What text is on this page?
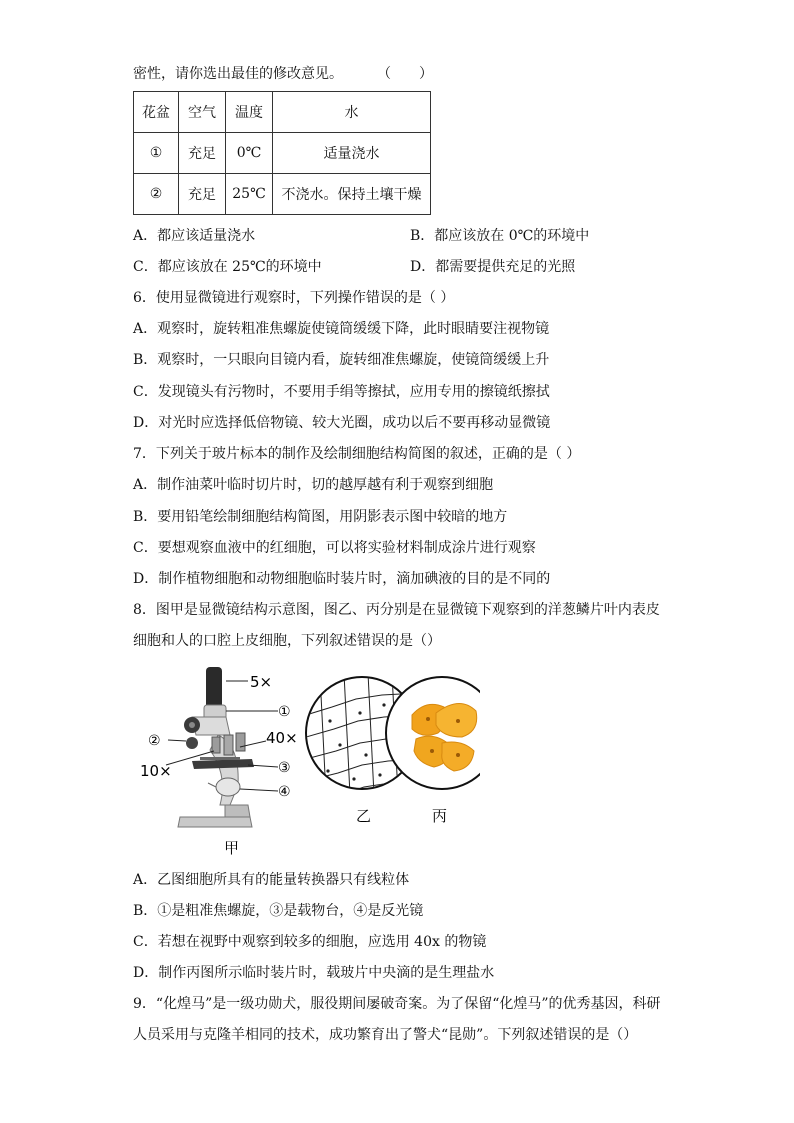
密性，请你选出最佳的修改意见。 （　　）
花盆	空气	温度	水
①	充足	0℃	适量浇水
②	充足	25℃	不浇水。保持土壤干燥
A．都应该适量浇水	B．都应该放在 0℃的环境中
C．都应该放在 25℃的环境中	D．都需要提供充足的光照
6．使用显微镜进行观察时，下列操作错误的是（ ）
A．观察时，旋转粗准焦螺旋使镜筒缓缓下降，此时眼睛要注视物镜
B．观察时，一只眼向目镜内看，旋转细准焦螺旋，使镜筒缓缓上升
C．发现镜头有污物时，不要用手绢等擦拭，应用专用的擦镜纸擦拭
D．对光时应选择低倍物镜、较大光圈，成功以后不要再移动显微镜
7．下列关于玻片标本的制作及绘制细胞结构简图的叙述，正确的是（ ）
A．制作油菜叶临时切片时，切的越厚越有利于观察到细胞
B．要用铅笔绘制细胞结构简图，用阴影表示图中较暗的地方
C．要想观察血液中的红细胞，可以将实验材料制成涂片进行观察
D．制作植物细胞和动物细胞临时装片时，滴加碘液的目的是不同的
8．图甲是显微镜结构示意图，图乙、丙分别是在显微镜下观察到的洋葱鳞片叶内表皮
细胞和人的口腔上皮细胞，下列叙述错误的是（）
5×
①
②	40×
10×	③
④
甲
乙	丙
A．乙图细胞所具有的能量转换器只有线粒体
B．①是粗准焦螺旋，③是载物台，④是反光镜
C．若想在视野中观察到较多的细胞，应选用 40x 的物镜
D．制作丙图所示临时装片时，载玻片中央滴的是生理盐水
9．“化煌马”是一级功勋犬，服役期间屡破奇案。为了保留“化煌马”的优秀基因，科研
人员采用与克隆羊相同的技术，成功繁育出了警犬“昆勋”。下列叙述错误的是（）
